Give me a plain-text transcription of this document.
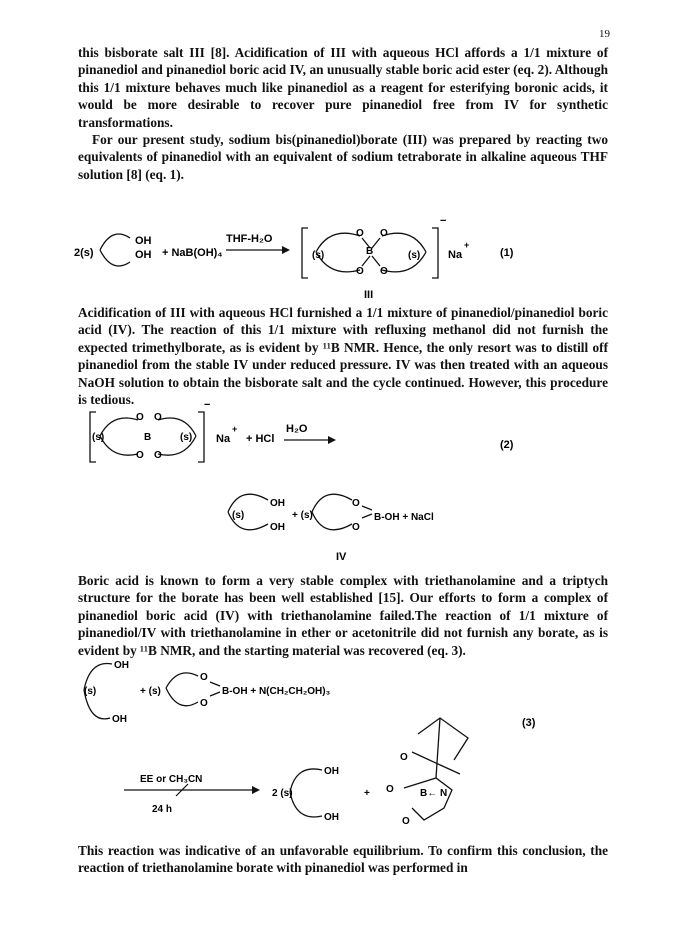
19

this bisborate salt III [8]. Acidification of III with aqueous HCl affords a 1/1 mixture of pinanediol and pinanediol boric acid IV, an unusually stable boric acid ester (eq. 2). Although this 1/1 mixture behaves much like pinanediol as a reagent for esterifying boronic acids, it would be more desirable to recover pure pinanediol free from IV for synthetic transformations.

For our present study, sodium bis(pinanediol)borate (III) was prepared by reacting two equivalents of pinanediol with an equivalent of sodium tetraborate in alkaline aqueous THF solution [8] (eq. 1).

2(s)
OH
OH + NaB(OH)₄
THF-H₂O
(s)	(s)
O O
B
O O
−
Na
+
(1)
III

Acidification of III with aqueous HCl furnished a 1/1 mixture of pinanediol/pinanediol boric acid (IV). The reaction of this 1/1 mixture with refluxing methanol did not furnish the expected trimethylborate, as is evident by ¹¹B NMR. Hence, the only resort was to distill off pinanediol from the stable IV under reduced pressure. IV was then treated with an aqueous NaOH solution to obtain the bisborate salt and the cycle continued. However, this procedure is tedious.

(s)	(s)
O O
B
O O
−
Na
+
+ HCl
H₂O
(2)
(s)
OH
OH
+ (s)
O
O
B-OH + NaCl
IV

Boric acid is known to form a very stable complex with triethanolamine and a triptych structure for the borate has been well established [15]. Our efforts to form a complex of pinanediol boric acid (IV) with triethanolamine failed.The reaction of 1/1 mixture of pinanediol/IV with triethanolamine in ether or acetonitrile did not furnish any borate, as is evident by ¹¹B NMR, and the starting material was recovered (eq. 3).

OH
(s)
OH
+ (s)
O
O
B-OH + N(CH₂CH₂OH)₃
(3)
EE or CH₃CN
24 h
2 (s)
OH
OH
+
O
O
O
B← N

This reaction was indicative of an unfavorable equilibrium. To confirm this conclusion, the reaction of triethanolamine borate with pinanediol was performed in
